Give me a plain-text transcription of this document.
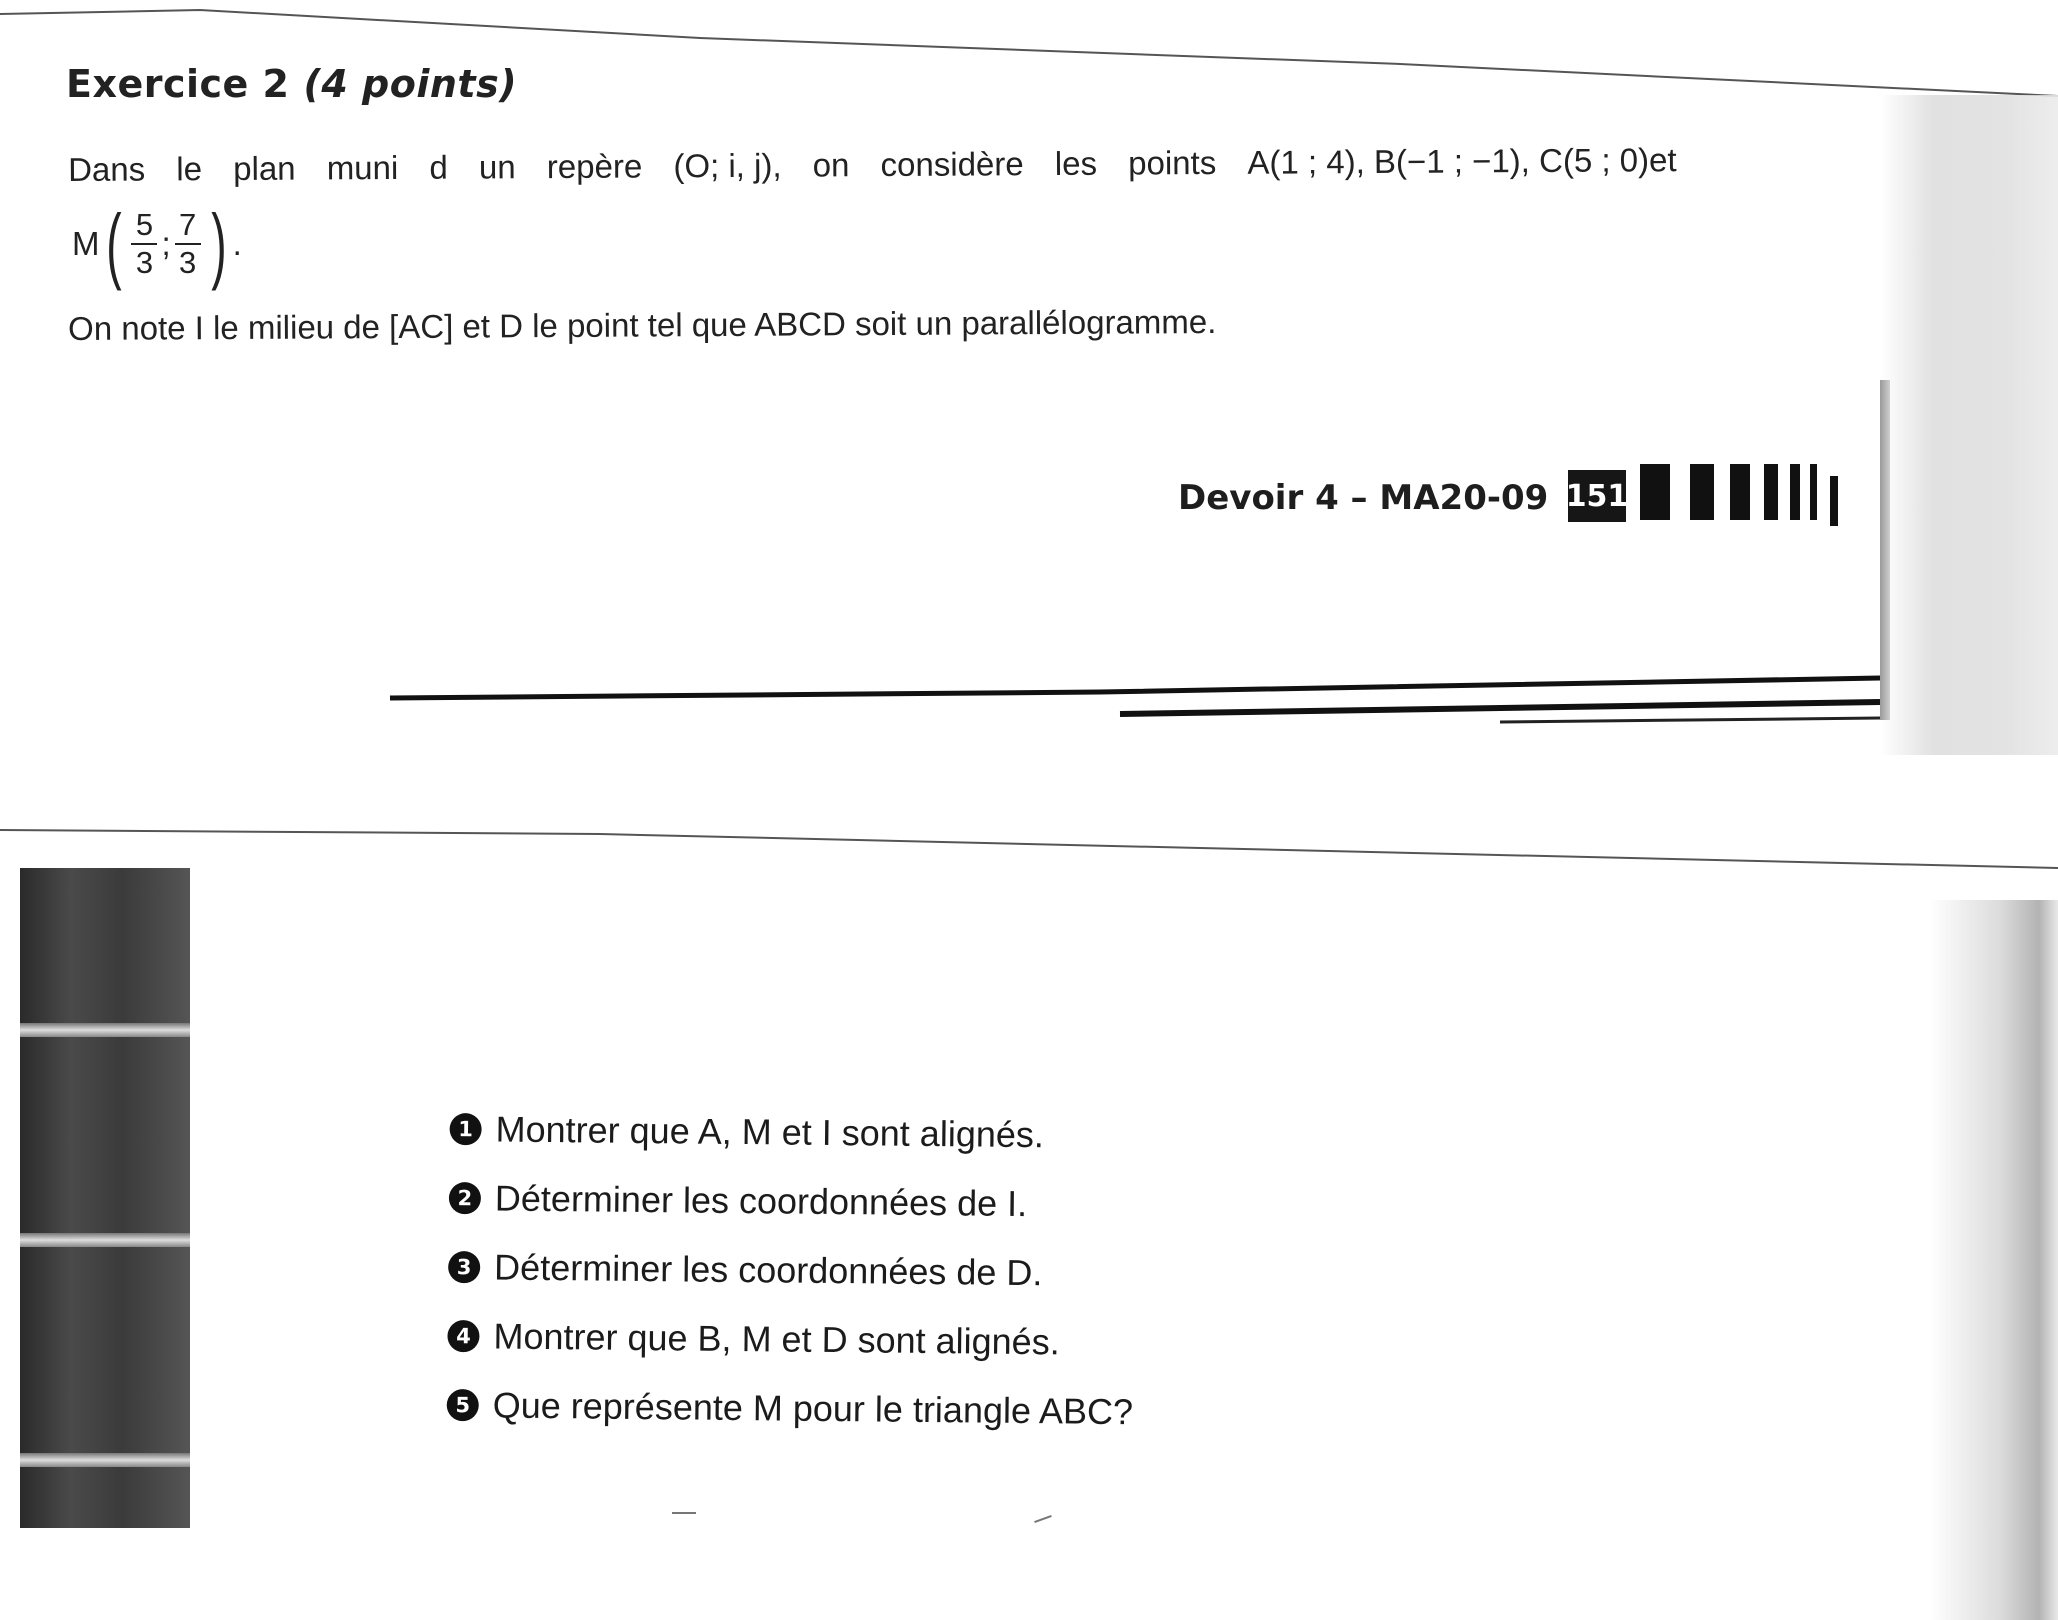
Exercice 2 (4 points)
Dans le plan muni d un repère (O; i, j), on considère les points A(1 ; 4), B(−1 ; −1), C(5 ; 0)et
M ( $\frac{5}{3}$ ; $\frac{7}{3}$ ) .
On note I le milieu de [AC] et D le point tel que ABCD soit un parallélogramme.
Devoir 4 – MA20-09 151
1 Montrer que A, M et I sont alignés.
2 Déterminer les coordonnées de I.
3 Déterminer les coordonnées de D.
4 Montrer que B, M et D sont alignés.
5 Que représente M pour le triangle ABC?
